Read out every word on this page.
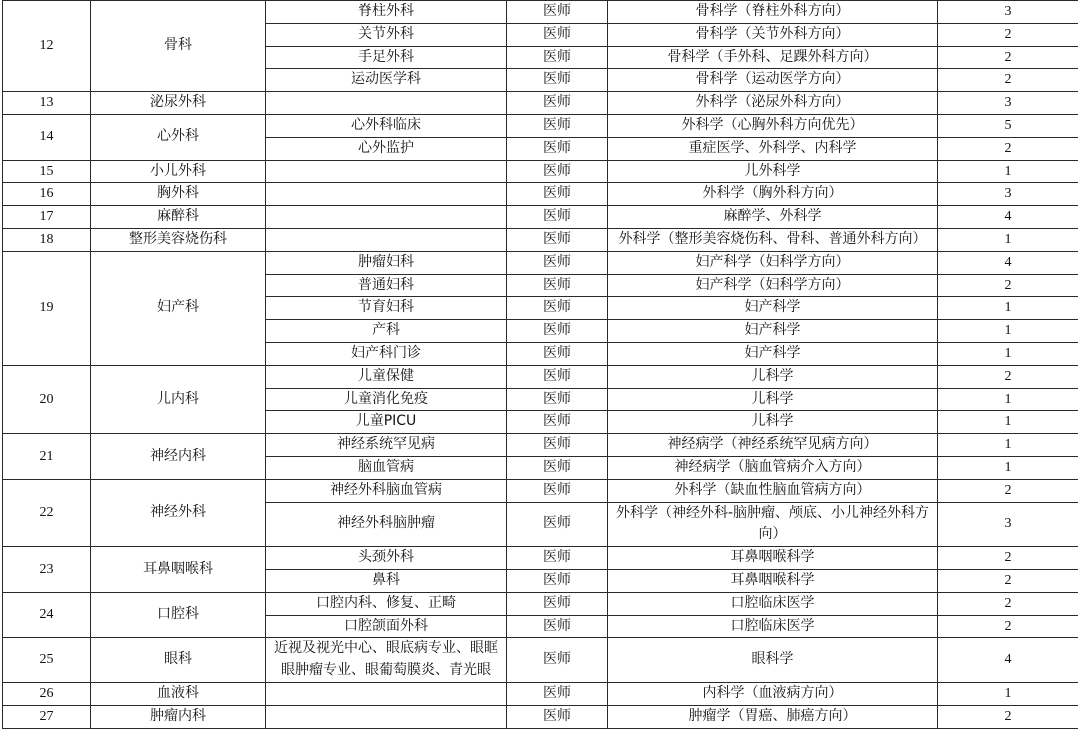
12	骨科	脊柱外科	医师	骨科学（脊柱外科方向）	3
		关节外科	医师	骨科学（关节外科方向）	2
		手足外科	医师	骨科学（手外科、足踝外科方向）	2
		运动医学科	医师	骨科学（运动医学方向）	2
13	泌尿外科		医师	外科学（泌尿外科方向）	3
14	心外科	心外科临床	医师	外科学（心胸外科方向优先）	5
		心外监护	医师	重症医学、外科学、内科学	2
15	小儿外科		医师	儿外科学	1
16	胸外科		医师	外科学（胸外科方向）	3
17	麻醉科		医师	麻醉学、外科学	4
18	整形美容烧伤科		医师	外科学（整形美容烧伤科、骨科、普通外科方向）	1
19	妇产科	肿瘤妇科	医师	妇产科学（妇科学方向）	4
		普通妇科	医师	妇产科学（妇科学方向）	2
		节育妇科	医师	妇产科学	1
		产科	医师	妇产科学	1
		妇产科门诊	医师	妇产科学	1
20	儿内科	儿童保健	医师	儿科学	2
		儿童消化免疫	医师	儿科学	1
		儿童PICU	医师	儿科学	1
21	神经内科	神经系统罕见病	医师	神经病学（神经系统罕见病方向）	1
		脑血管病	医师	神经病学（脑血管病介入方向）	1
22	神经外科	神经外科脑血管病	医师	外科学（缺血性脑血管病方向）	2
		神经外科脑肿瘤	医师	外科学（神经外科-脑肿瘤、颅底、小儿神经外科方向）	3
23	耳鼻咽喉科	头颈外科	医师	耳鼻咽喉科学	2
		鼻科	医师	耳鼻咽喉科学	2
24	口腔科	口腔内科、修复、正畸	医师	口腔临床医学	2
		口腔颌面外科	医师	口腔临床医学	2
25	眼科	近视及视光中心、眼底病专业、眼眶眼肿瘤专业、眼葡萄膜炎、青光眼	医师	眼科学	4
26	血液科		医师	内科学（血液病方向）	1
27	肿瘤内科		医师	肿瘤学（胃癌、肺癌方向）	2
